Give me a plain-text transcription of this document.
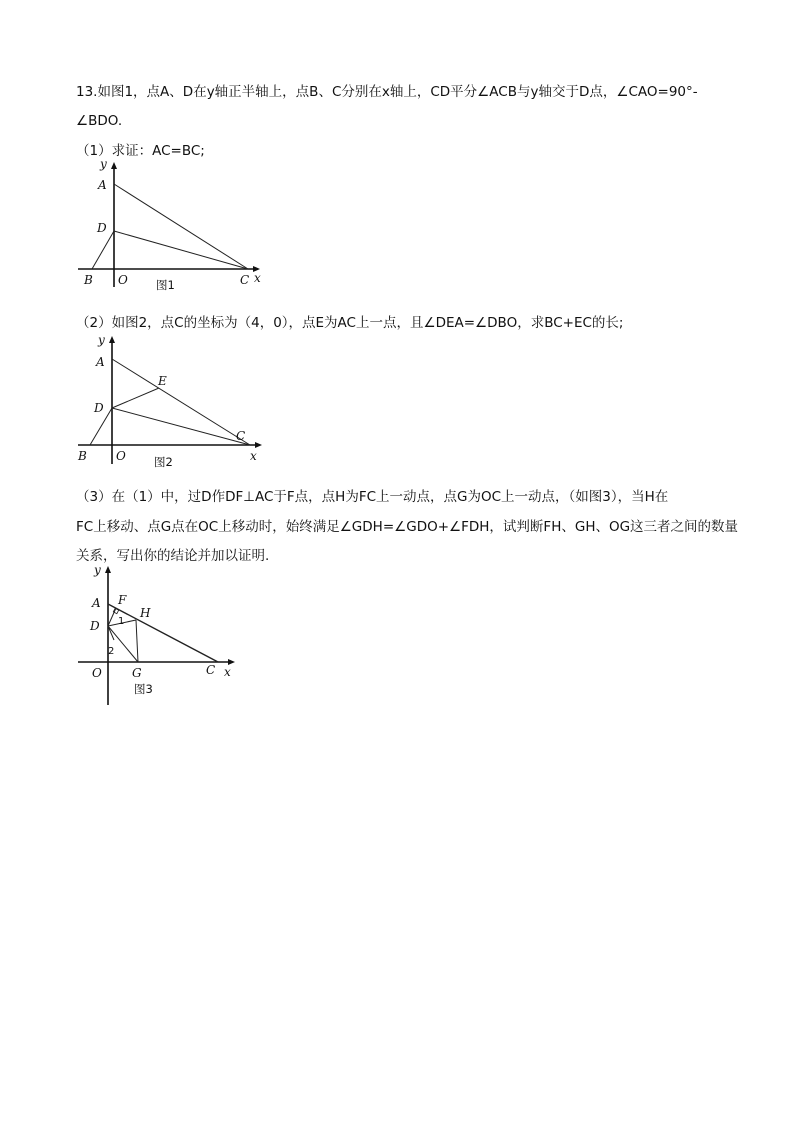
13.如图1，点A、D在y轴正半轴上，点B、C分别在x轴上，CD平分∠ACB与y轴交于D点，∠CAO=90°-
∠BDO.
（1）求证：AC=BC;
y
A
D
B O	C x
图1
（2）如图2，点C的坐标为（4，0），点E为AC上一点，且∠DEA=∠DBO，求BC+EC的长;
y
A
E
D
B O
C
x
图2
（3）在（1）中，过D作DF⊥AC于F点，点H为FC上一动点，点G为OC上一动点，（如图3），当H在
FC上移动、点G点在OC上移动时，始终满足∠GDH=∠GDO+∠FDH，试判断FH、GH、OG这三者之间的数量
关系，写出你的结论并加以证明.
y
A F
H
1
D
2
O	G	C x
图3
